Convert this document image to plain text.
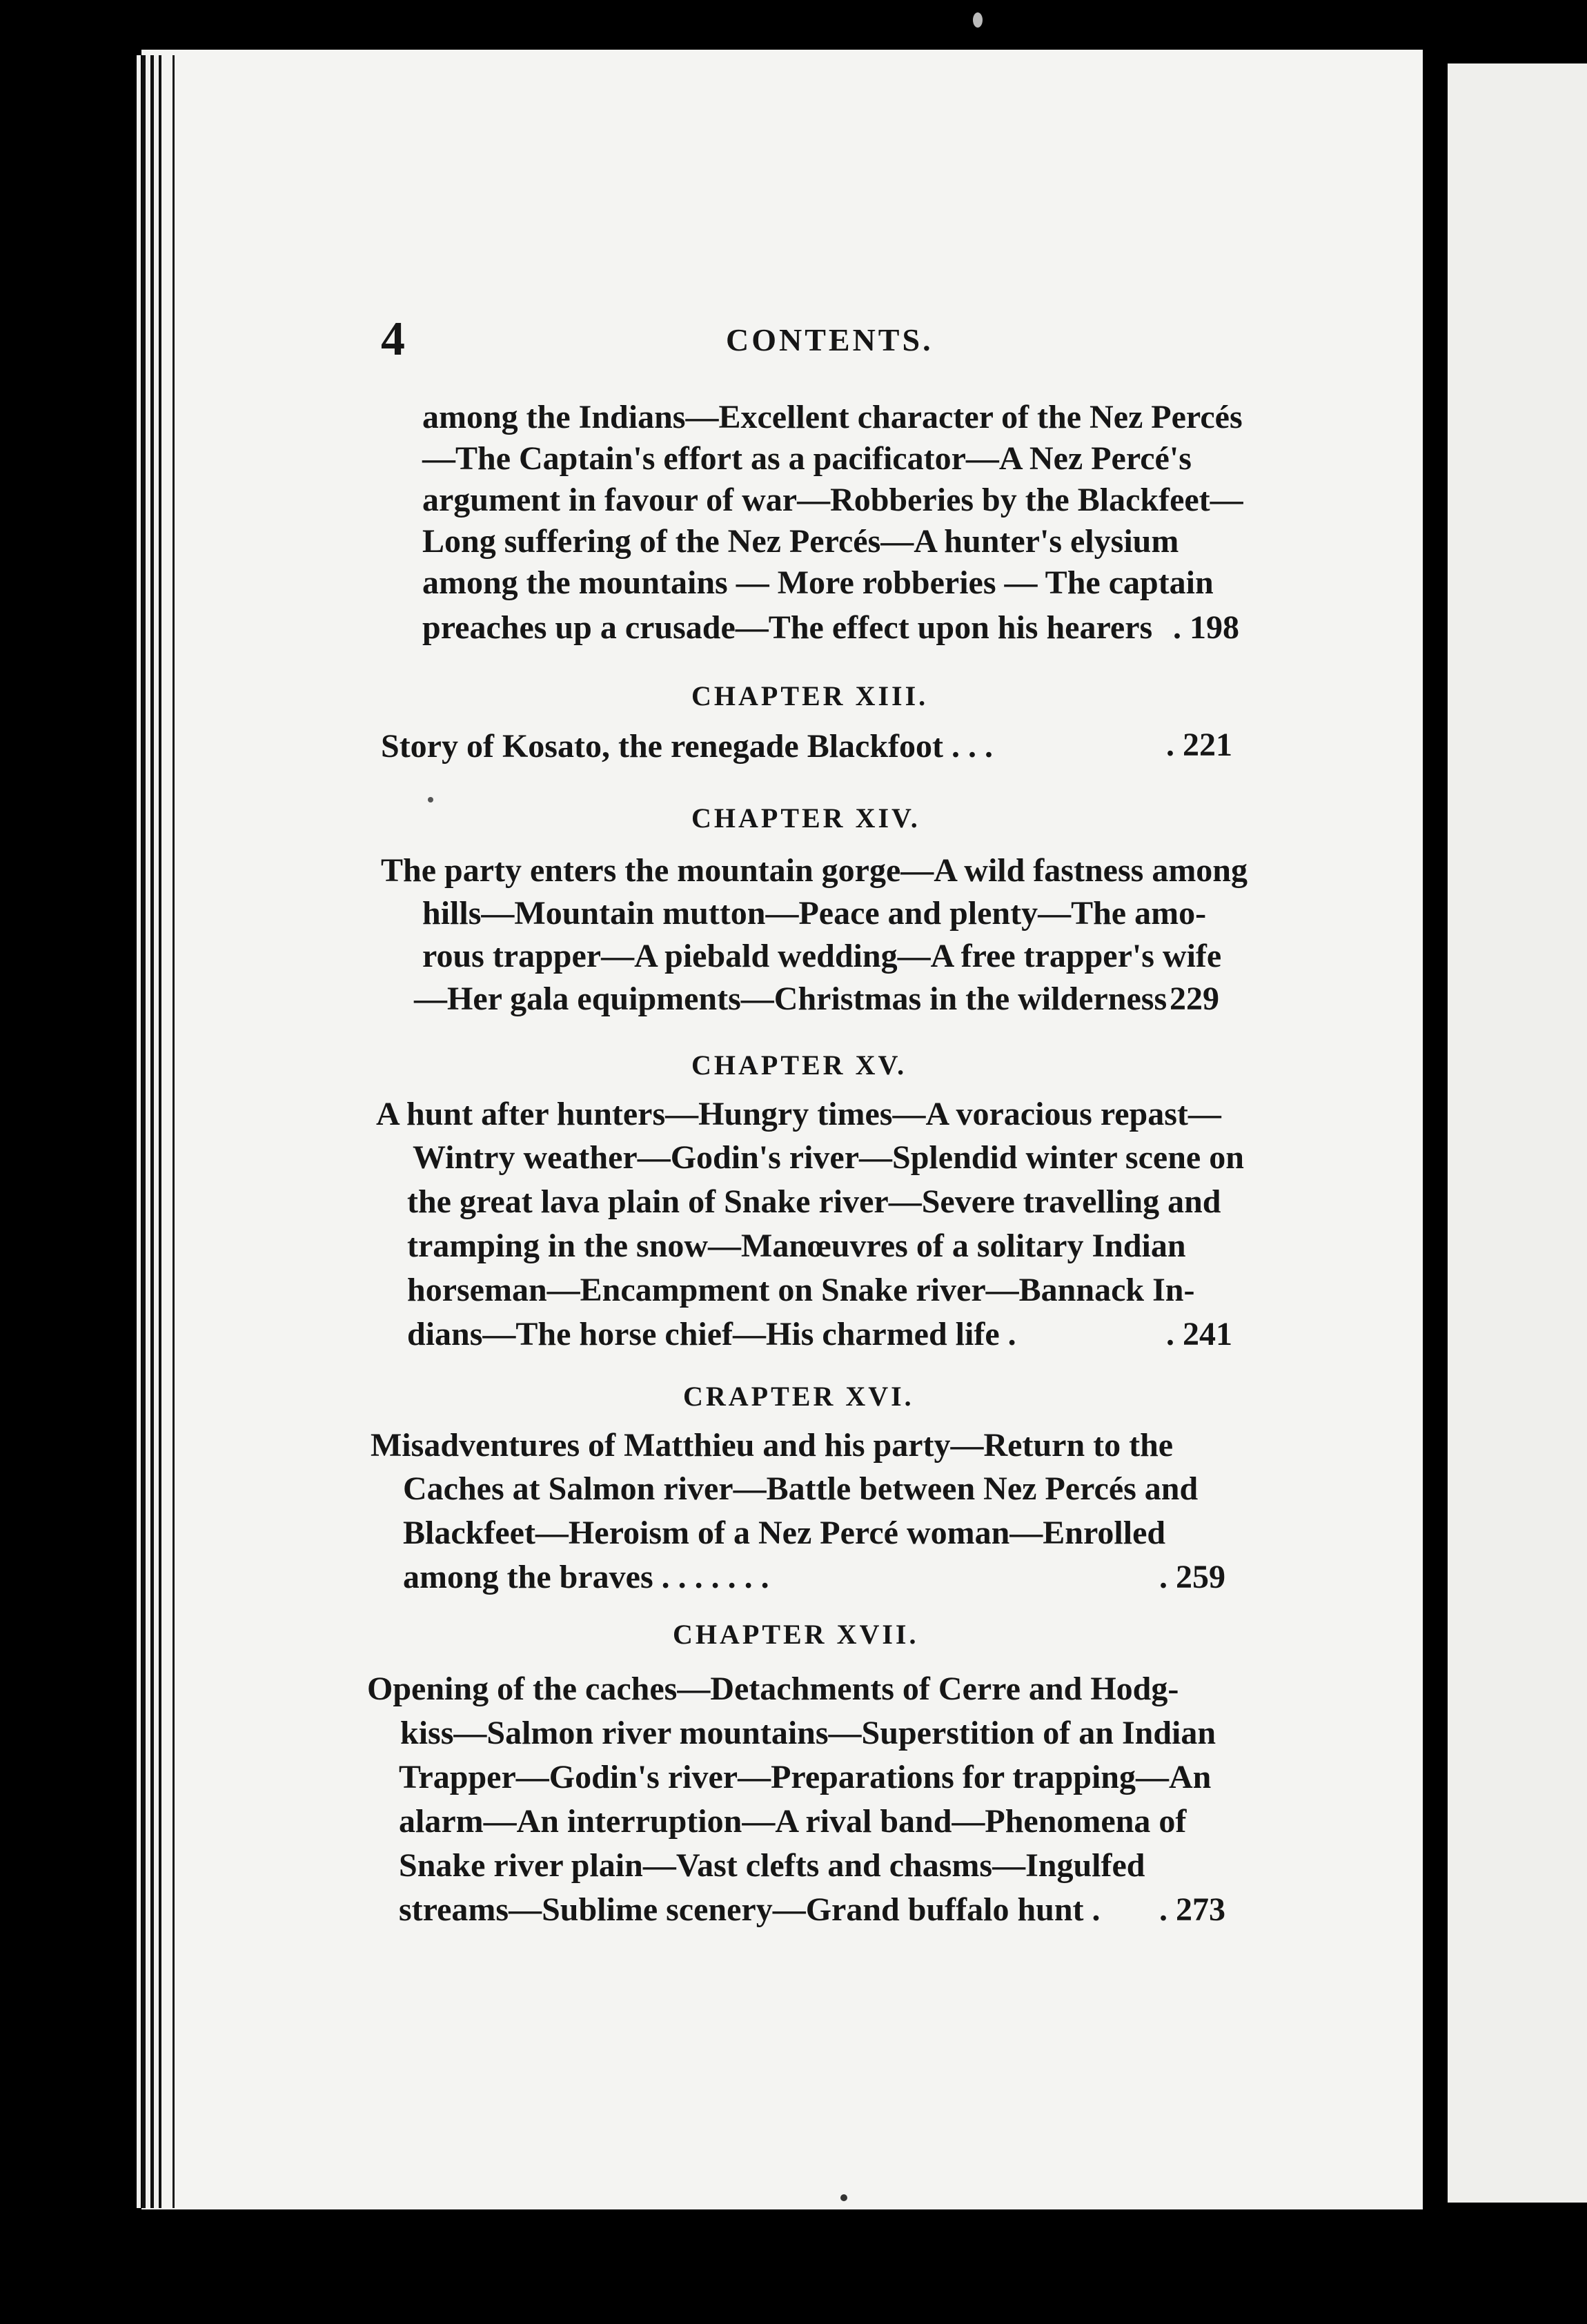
4	CONTENTS.
among the Indians—Excellent character of the Nez Percés
—The Captain's effort as a pacificator—A Nez Percé's
argument in favour of war—Robberies by the Blackfeet—
Long suffering of the Nez Percés—A hunter's elysium
among the mountains — More robberies — The captain
preaches up a crusade—The effect upon his hearers . 198
CHAPTER XIII.
Story of Kosato, the renegade Blackfoot . . .	. 221
CHAPTER XIV.
The party enters the mountain gorge—A wild fastness among
hills—Mountain mutton—Peace and plenty—The amo-
rous trapper—A piebald wedding—A free trapper's wife
—Her gala equipments—Christmas in the wilderness 229
CHAPTER XV.
A hunt after hunters—Hungry times—A voracious repast—
Wintry weather—Godin's river—Splendid winter scene on
the great lava plain of Snake river—Severe travelling and
tramping in the snow—Manœuvres of a solitary Indian
horseman—Encampment on Snake river—Bannack In-
dians—The horse chief—His charmed life .	. 241
CRAPTER XVI.
Misadventures of Matthieu and his party—Return to the
Caches at Salmon river—Battle between Nez Percés and
Blackfeet—Heroism of a Nez Percé woman—Enrolled
among the braves . . . . . . .	. 259
CHAPTER XVII.
Opening of the caches—Detachments of Cerre and Hodg-
kiss—Salmon river mountains—Superstition of an Indian
Trapper—Godin's river—Preparations for trapping—An
alarm—An interruption—A rival band—Phenomena of
Snake river plain—Vast clefts and chasms—Ingulfed
streams—Sublime scenery—Grand buffalo hunt . . 273
